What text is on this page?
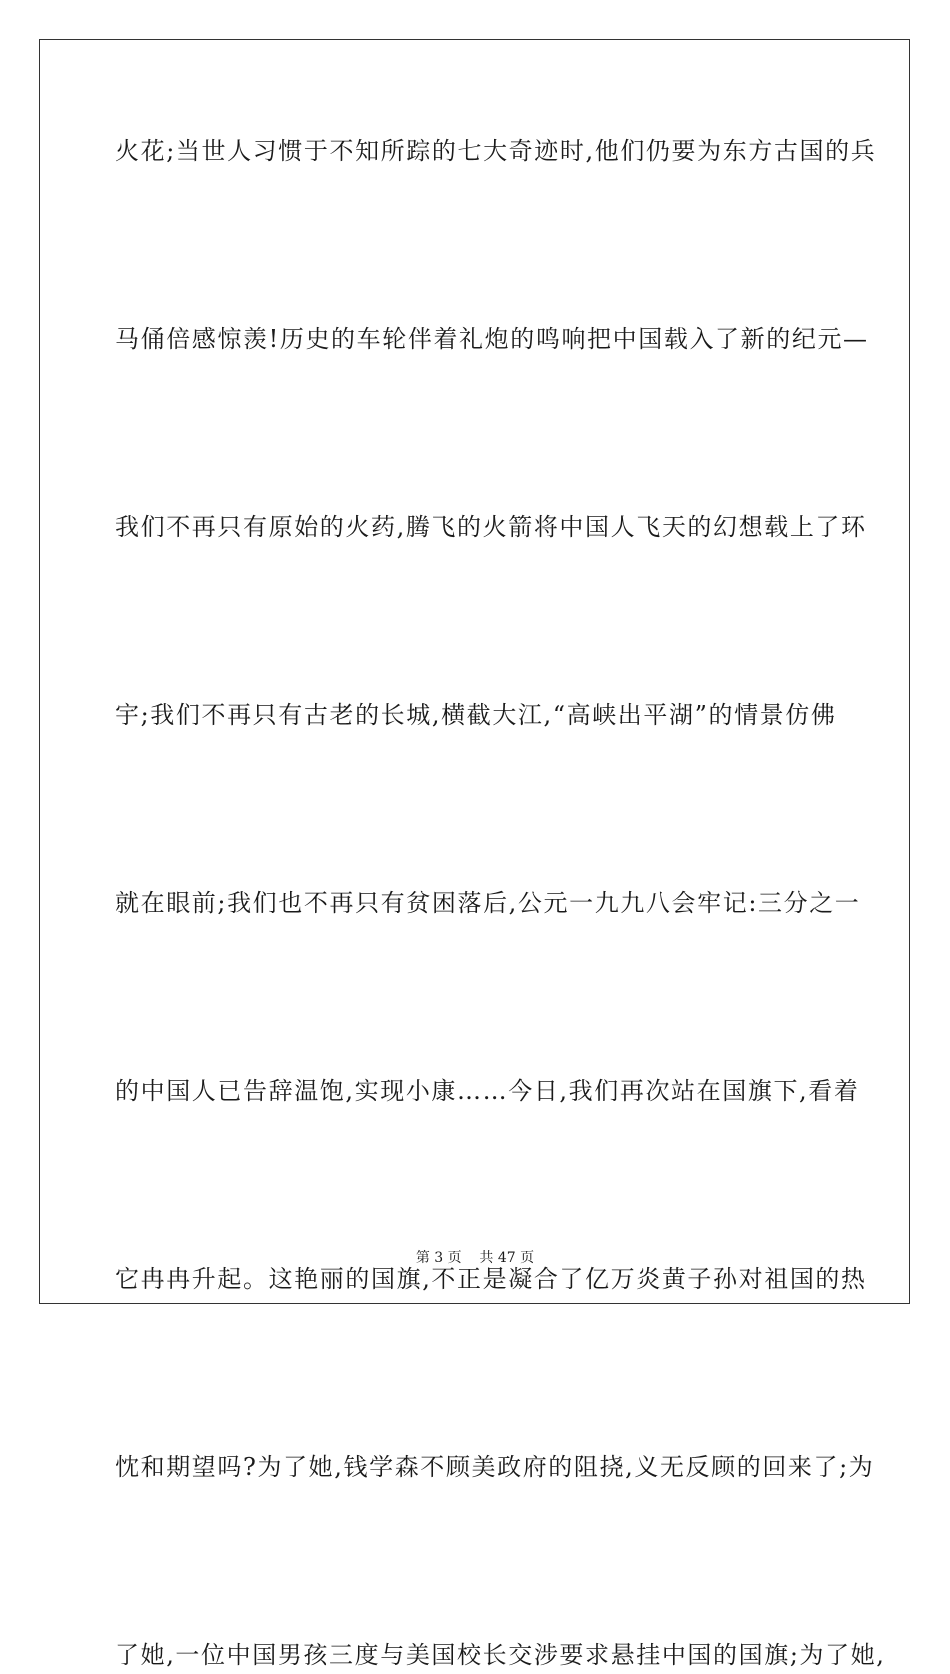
火花;当世人习惯于不知所踪的七大奇迹时,他们仍要为东方古国的兵
马俑倍感惊羡!历史的车轮伴着礼炮的鸣响把中国载入了新的纪元—
我们不再只有原始的火药,腾飞的火箭将中国人飞天的幻想载上了环
宇;我们不再只有古老的长城,横截大江,“高峡出平湖”的情景仿佛
就在眼前;我们也不再只有贫困落后,公元一九九八会牢记:三分之一
的中国人已告辞温饱,实现小康……今日,我们再次站在国旗下,看着
它冉冉升起。这艳丽的国旗,不正是凝合了亿万炎黄子孙对祖国的热
忱和期望吗?为了她,钱学森不顾美政府的阻挠,义无反顾的回来了;为
了她,一位中国男孩三度与美国校长交涉要求悬挂中国的国旗;为了她,
第 3 页    共 47 页
